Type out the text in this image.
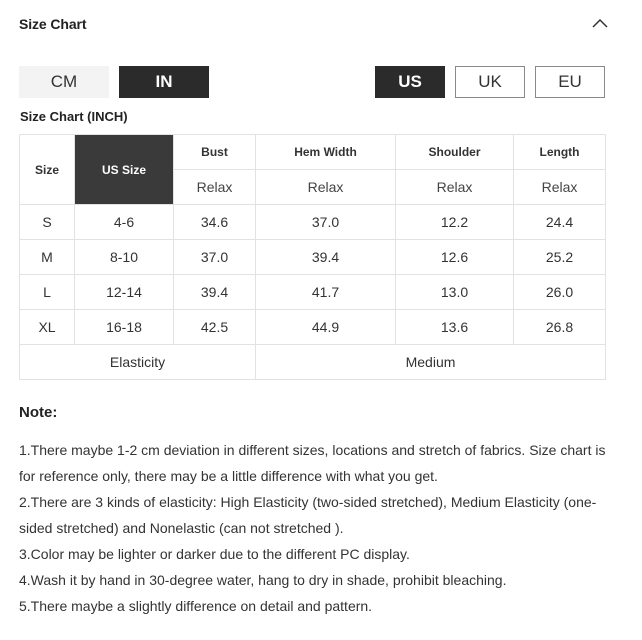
Size Chart
CM	IN	US	UK	EU
Size Chart (INCH)
Size	US Size	Bust	Hem Width	Shoulder	Length
		Relax	Relax	Relax	Relax
S	4-6	34.6	37.0	12.2	24.4
M	8-10	37.0	39.4	12.6	25.2
L	12-14	39.4	41.7	13.0	26.0
XL	16-18	42.5	44.9	13.6	26.8
Elasticity			Medium		
Note:
1.There maybe 1-2 cm deviation in different sizes, locations and stretch of fabrics. Size chart is for reference only, there may be a little difference with what you get.
2.There are 3 kinds of elasticity: High Elasticity (two-sided stretched), Medium Elasticity (one-sided stretched) and Nonelastic (can not stretched ).
3.Color may be lighter or darker due to the different PC display.
4.Wash it by hand in 30-degree water, hang to dry in shade, prohibit bleaching.
5.There maybe a slightly difference on detail and pattern.
